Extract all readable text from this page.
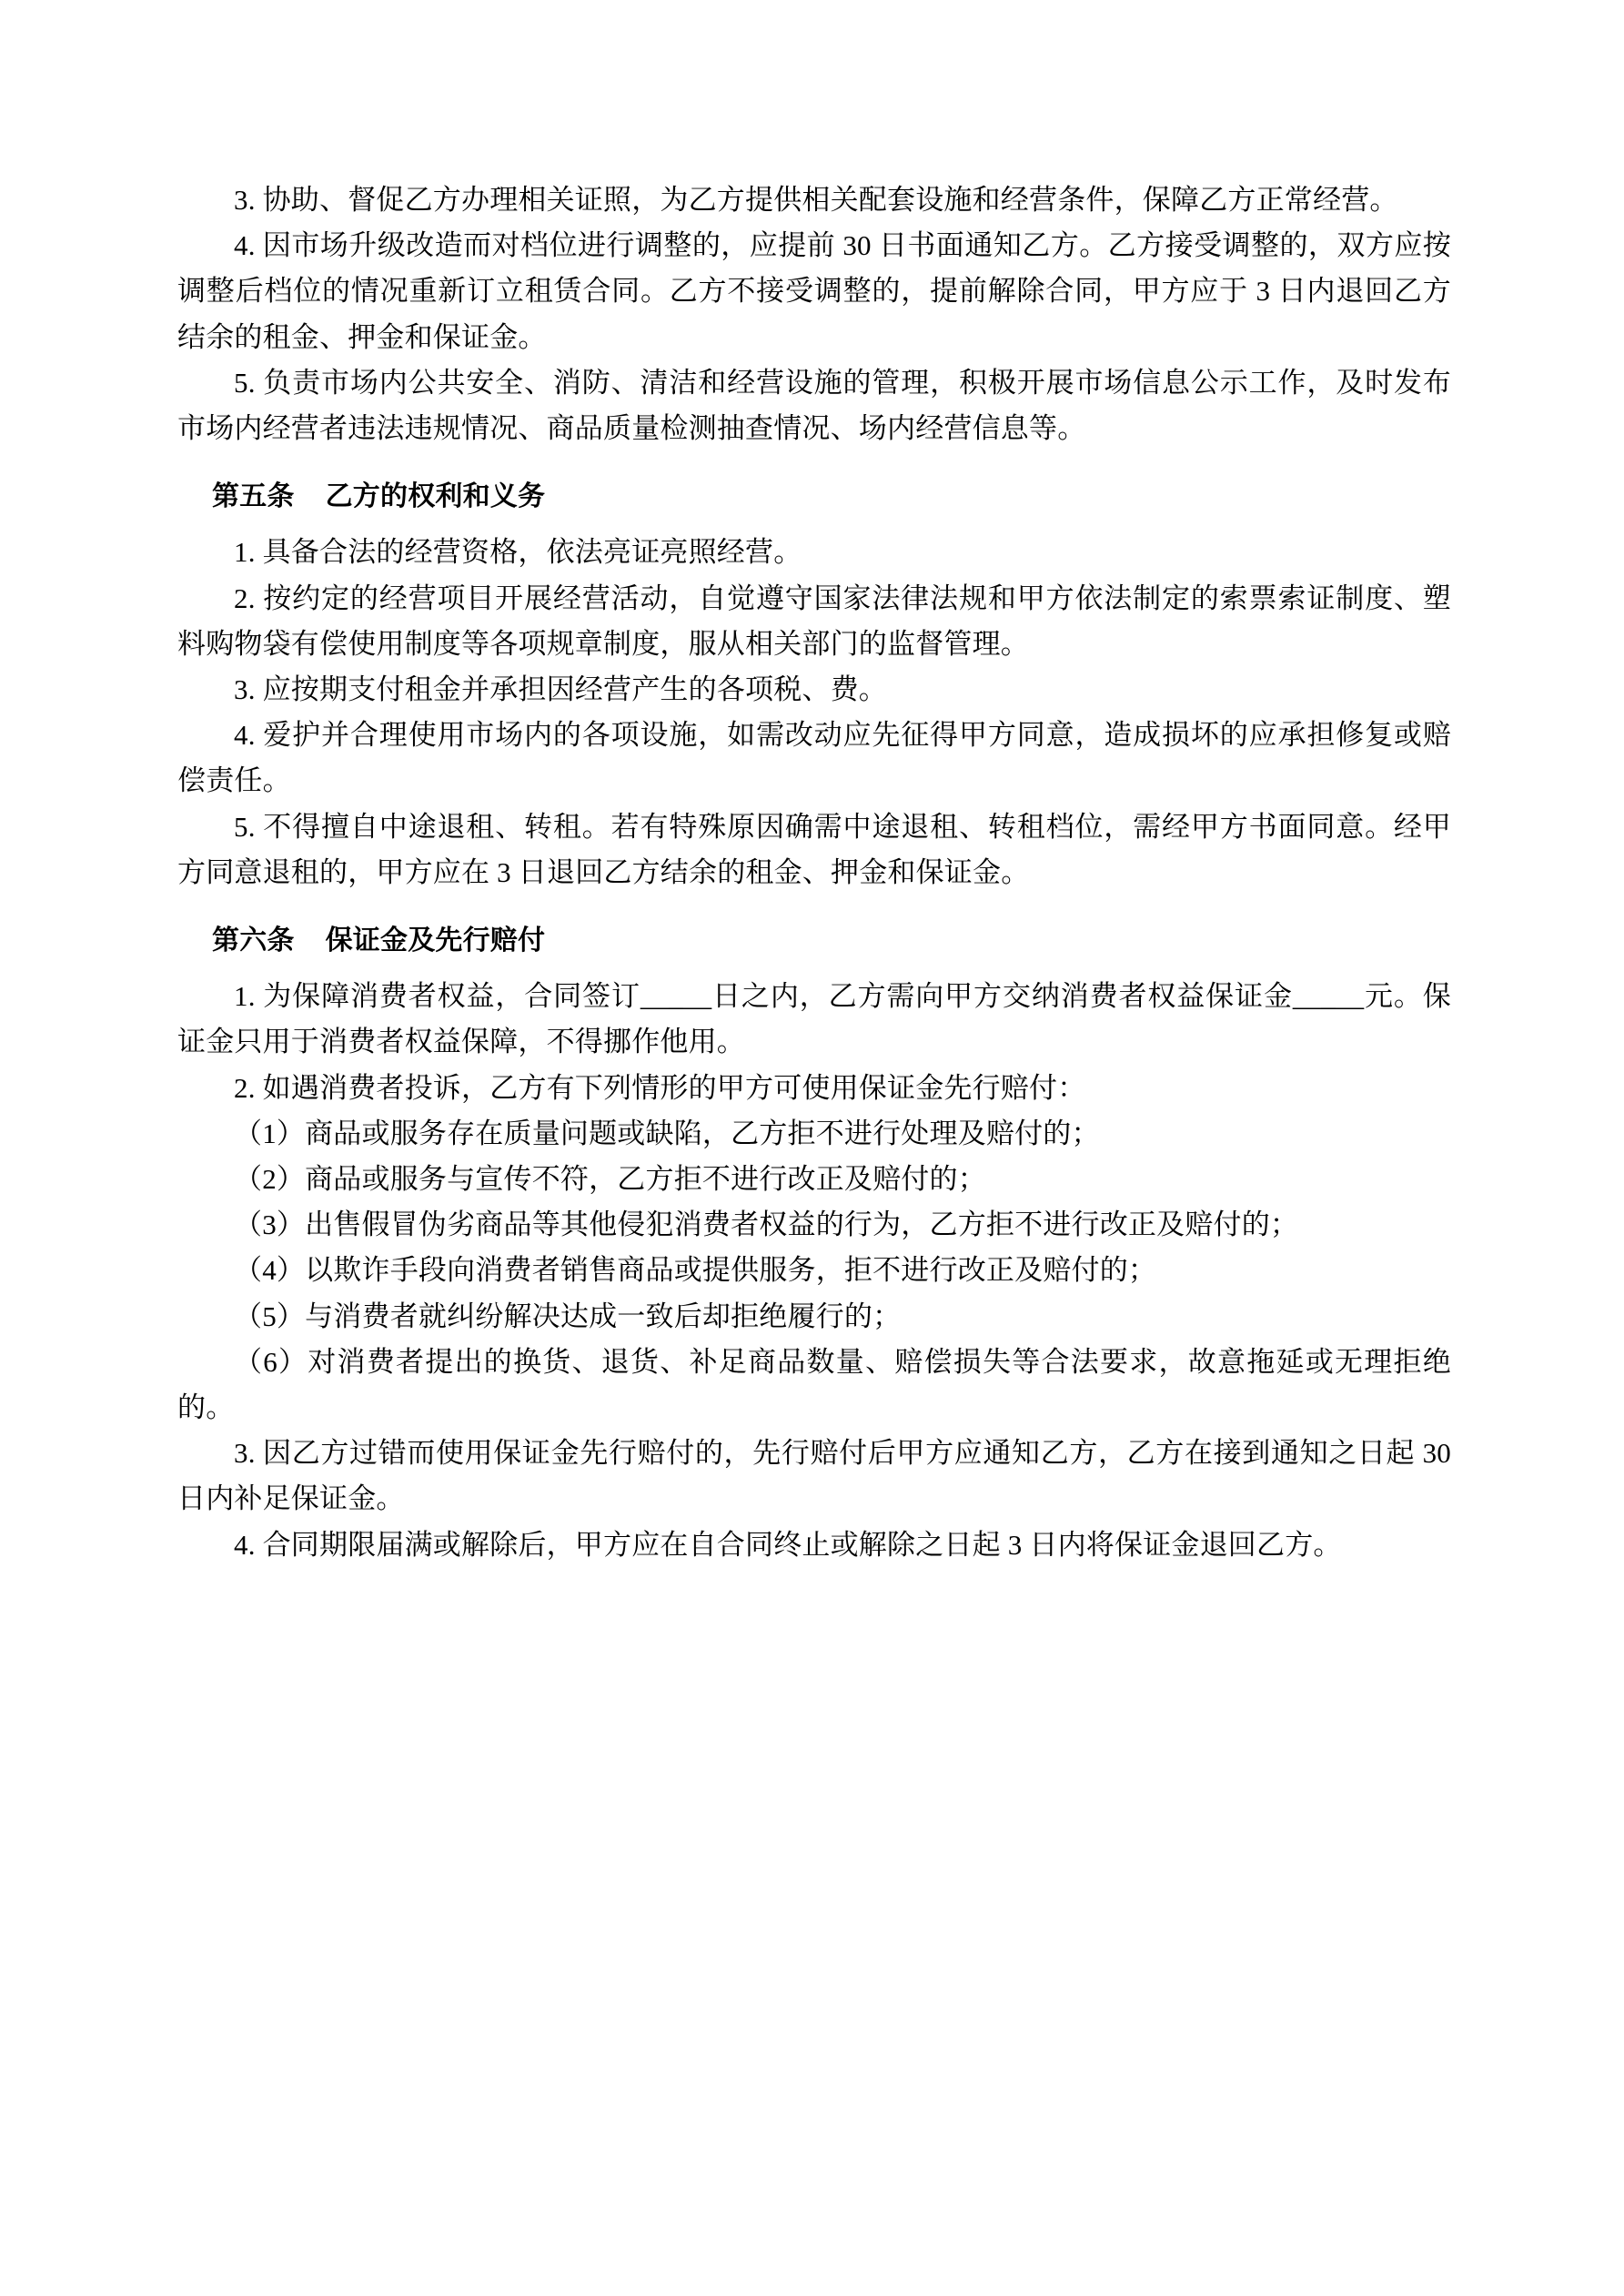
3. 协助、督促乙方办理相关证照，为乙方提供相关配套设施和经营条件，保障乙方正常经营。

4. 因市场升级改造而对档位进行调整的，应提前 30 日书面通知乙方。乙方接受调整的，双方应按调整后档位的情况重新订立租赁合同。乙方不接受调整的，提前解除合同，甲方应于 3 日内退回乙方结余的租金、押金和保证金。

5. 负责市场内公共安全、消防、清洁和经营设施的管理，积极开展市场信息公示工作，及时发布市场内经营者违法违规情况、商品质量检测抽查情况、场内经营信息等。

第五条 乙方的权利和义务

1. 具备合法的经营资格，依法亮证亮照经营。

2. 按约定的经营项目开展经营活动，自觉遵守国家法律法规和甲方依法制定的索票索证制度、塑料购物袋有偿使用制度等各项规章制度，服从相关部门的监督管理。

3. 应按期支付租金并承担因经营产生的各项税、费。

4. 爱护并合理使用市场内的各项设施，如需改动应先征得甲方同意，造成损坏的应承担修复或赔偿责任。

5. 不得擅自中途退租、转租。若有特殊原因确需中途退租、转租档位，需经甲方书面同意。经甲方同意退租的，甲方应在 3 日退回乙方结余的租金、押金和保证金。

第六条 保证金及先行赔付

1. 为保障消费者权益，合同签订_____日之内，乙方需向甲方交纳消费者权益保证金_____元。保证金只用于消费者权益保障，不得挪作他用。

2. 如遇消费者投诉，乙方有下列情形的甲方可使用保证金先行赔付：

（1）商品或服务存在质量问题或缺陷，乙方拒不进行处理及赔付的；

（2）商品或服务与宣传不符，乙方拒不进行改正及赔付的；

（3）出售假冒伪劣商品等其他侵犯消费者权益的行为，乙方拒不进行改正及赔付的；

（4）以欺诈手段向消费者销售商品或提供服务，拒不进行改正及赔付的；

（5）与消费者就纠纷解决达成一致后却拒绝履行的；

（6）对消费者提出的换货、退货、补足商品数量、赔偿损失等合法要求，故意拖延或无理拒绝的。

3. 因乙方过错而使用保证金先行赔付的，先行赔付后甲方应通知乙方，乙方在接到通知之日起 30 日内补足保证金。

4. 合同期限届满或解除后，甲方应在自合同终止或解除之日起 3 日内将保证金退回乙方。
